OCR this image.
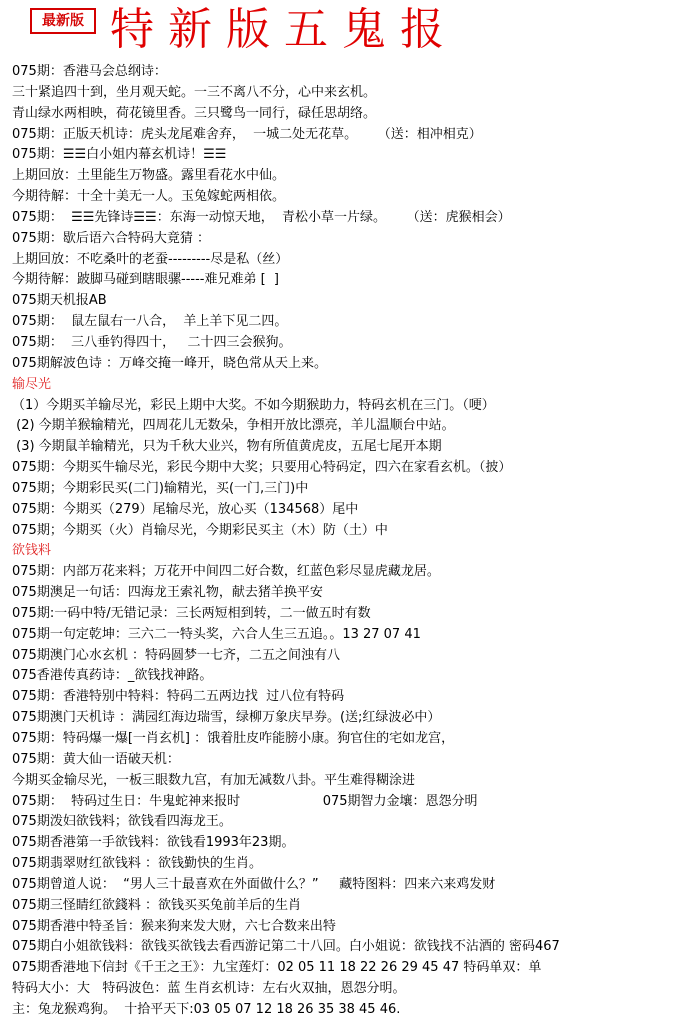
最新版 特新版五鬼报
075期：香港马会总纲诗：
三十紧追四十到，坐月观天蛇。一三不离八不分，心中来玄机。
青山绿水两相映，荷花镜里香。三只鹭鸟一同行，碌任思胡络。
075期：正版天机诗：虎头龙尾难舍弃，  一城二处无花草。     （送：相冲相克）
075期：☰☰白小姐内幕玄机诗！☰☰
上期回放：土里能生万物盛。露里看花水中仙。
今期待解：十全十美无一人。玉兔嫁蛇两相依。
075期：  ☰☰先锋诗☰☰：东海一动惊天地，  青松小草一片绿。     （送：虎猴相会）
075期：歇后语六合特码大竟猜 ：
上期回放：不吃桑叶的老蚕---------尽是私（丝）
今期待解：跛脚马碰到瞎眼骡-----难兄难弟 [  ]
075期天机报AB
075期：  鼠左鼠右一八合，  羊上羊下见二四。
075期：  三八垂钓得四十，   二十四三会猴狗。
075期解波色诗 ：万峰交掩一峰开，晓色常从天上来。
输尽光
（1）今期买羊输尽光，彩民上期中大奖。不如今期猴助力，特码玄机在三门。（哽）
(2) 今期羊猴输精光，四周花儿无数朵，争相开放比漂亮，羊儿温顺台中站。
(3) 今期鼠羊输精光，只为千秋大业兴，物有所值黄虎皮，五尾七尾开本期
075期：今期买牛输尽光，彩民今期中大奖；只要用心特码定，四六在家看玄机。（披）
075期；今期彩民买(二门)输精光，买(一门,三门)中
075期：今期买（279）尾输尽光，放心买（134568）尾中
075期；今期买（火）肖输尽光，今期彩民买主（木）防（土）中
欲钱料
075期：内部万花来料；万花开中间四二好合数，红蓝色彩尽显虎藏龙居。
075期澳足一句话：四海龙王索礼物，献去猪羊换平安
075期:一码中特/无错记录：三长两短相到转，二一做五时有数
075期一句定乾坤：三六二一特头奖，六合人生三五追。。13 27 07 41
075期澳门心水玄机 ：特码圆梦一七齐，二五之间浊有八
075香港传真药诗：_欲钱找神路。
075期：香港特别中特料：特码二五两边找  过八位有特码
075期澳门天机诗 ：满园红海边瑞雪，绿柳万象庆早券。(送;红绿波必中）
075期：特码爆一爆[一肖玄机] ：饿着肚皮咋能膀小康。狗官住的宅如龙宫，
075期：黄大仙一语破天机：
今期买金输尽光，一板三眼数九宫，有加无减数八卦。平生难得糊涂进
075期：  特码过生日：牛鬼蛇神来报时                    075期智力金壤：恩怨分明
075期泼妇欲钱料；欲钱看四海龙王。
075期香港第一手欲钱料：欲钱看1993年23期。
075期翡翠财红欲钱料 ：欲钱勤快的生肖。
075期曾道人说：  “男人三十最喜欢在外面做什么？”     藏特图料：四来六来鸡发财
075期三怪睛红欲錢料 ：欲钱买买兔前羊后的生肖
075期香港中特圣旨：猴来狗来发大财，六七合数来出特
075期白小姐欲钱料：欲钱买欲钱去看西游记第二十八回。白小姐说：欲钱找不沾酒的 密码467
075期香港地下信封《千王之王》：九宝莲灯：02 05 11 18 22 26 29 45 47 特码单双：单
特码大小：大   特码波色：蓝 生肖玄机诗：左右火双抽，恩怨分明。
主：兔龙猴鸡狗。  十拾平天下:03 05 07 12 18 26 35 38 45 46.
